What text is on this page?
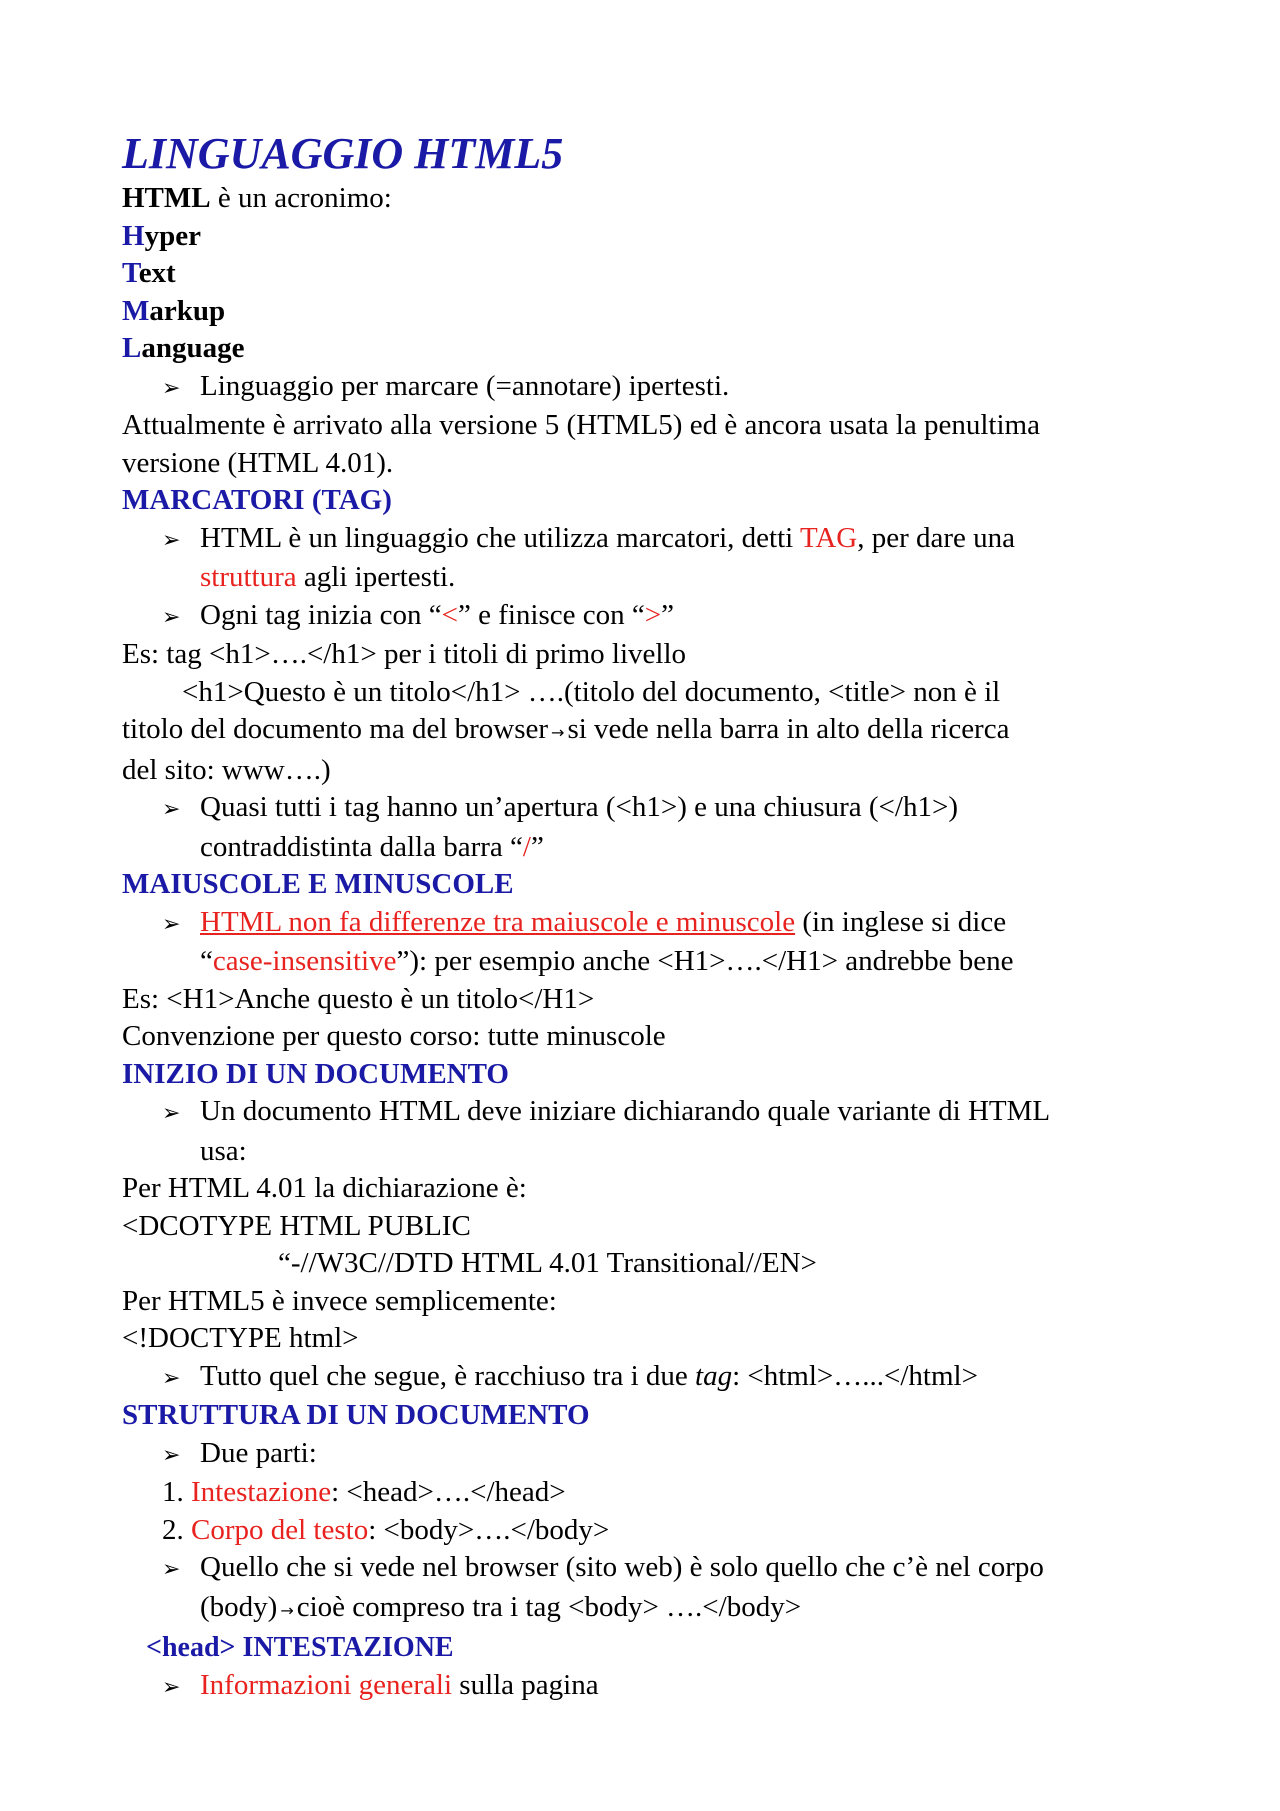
LINGUAGGIO HTML5
HTML è un acronimo:
Hyper
Text
Markup
Language
➢ Linguaggio per marcare (=annotare) ipertesti.
Attualmente è arrivato alla versione 5 (HTML5) ed è ancora usata la penultima
versione (HTML 4.01).
MARCATORI (TAG)
➢ HTML è un linguaggio che utilizza marcatori, detti TAG, per dare una
struttura agli ipertesti.
➢ Ogni tag inizia con “<” e finisce con “>”
Es: tag <h1>….</h1> per i titoli di primo livello
<h1>Questo è un titolo</h1> ….(titolo del documento, <title> non è il
titolo del documento ma del browser → si vede nella barra in alto della ricerca
del sito: www….)
➢ Quasi tutti i tag hanno un’apertura (<h1>) e una chiusura (</h1>)
contraddistinta dalla barra “/”
MAIUSCOLE E MINUSCOLE
➢ HTML non fa differenze tra maiuscole e minuscole (in inglese si dice
“case-insensitive”): per esempio anche <H1>….</H1> andrebbe bene
Es: <H1>Anche questo è un titolo</H1>
Convenzione per questo corso: tutte minuscole
INIZIO DI UN DOCUMENTO
➢ Un documento HTML deve iniziare dichiarando quale variante di HTML
usa:
Per HTML 4.01 la dichiarazione è:
<DCOTYPE HTML PUBLIC
“-//W3C//DTD HTML 4.01 Transitional//EN>
Per HTML5 è invece semplicemente:
<!DOCTYPE html>
➢ Tutto quel che segue, è racchiuso tra i due tag: <html>…...</html>
STRUTTURA DI UN DOCUMENTO
➢ Due parti:
1. Intestazione: <head>….</head>
2. Corpo del testo: <body>….</body>
➢ Quello che si vede nel browser (sito web) è solo quello che c’è nel corpo
(body) → cioè compreso tra i tag <body> ….</body>
<head> INTESTAZIONE
➢ Informazioni generali sulla pagina
